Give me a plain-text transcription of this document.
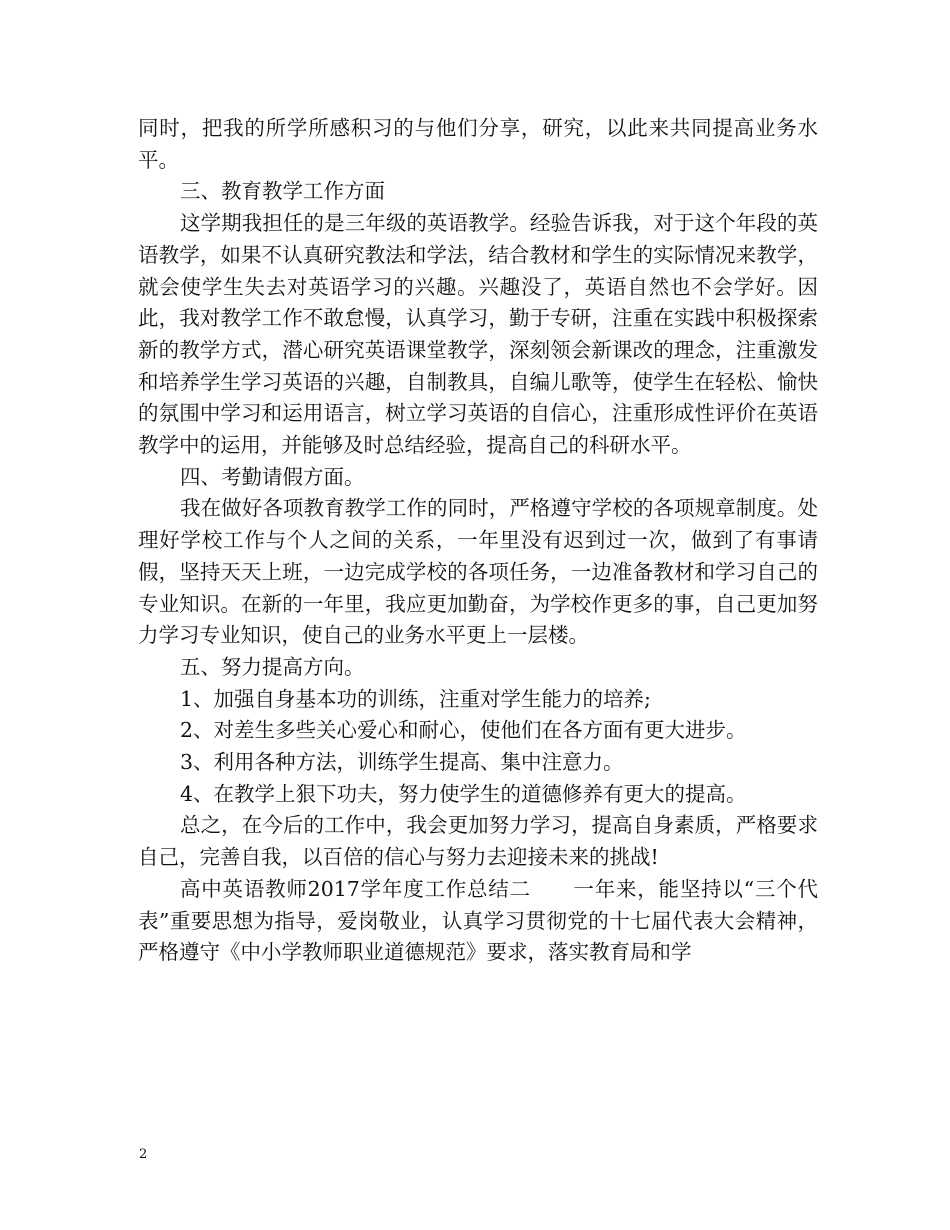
同时，把我的所学所感积习的与他们分享，研究，以此来共同提高业务水平。

三、教育教学工作方面

这学期我担任的是三年级的英语教学。经验告诉我，对于这个年段的英语教学，如果不认真研究教法和学法，结合教材和学生的实际情况来教学，就会使学生失去对英语学习的兴趣。兴趣没了，英语自然也不会学好。因此，我对教学工作不敢怠慢，认真学习，勤于专研，注重在实践中积极探索新的教学方式，潜心研究英语课堂教学，深刻领会新课改的理念，注重激发和培养学生学习英语的兴趣，自制教具，自编儿歌等，使学生在轻松、愉快的氛围中学习和运用语言，树立学习英语的自信心，注重形成性评价在英语教学中的运用，并能够及时总结经验，提高自己的科研水平。

四、考勤请假方面。

我在做好各项教育教学工作的同时，严格遵守学校的各项规章制度。处理好学校工作与个人之间的关系，一年里没有迟到过一次，做到了有事请假，坚持天天上班，一边完成学校的各项任务，一边准备教材和学习自己的专业知识。在新的一年里，我应更加勤奋，为学校作更多的事，自己更加努力学习专业知识，使自己的业务水平更上一层楼。

五、努力提高方向。

1、加强自身基本功的训练，注重对学生能力的培养;

2、对差生多些关心爱心和耐心，使他们在各方面有更大进步。

3、利用各种方法，训练学生提高、集中注意力。

4、在教学上狠下功夫，努力使学生的道德修养有更大的提高。

总之，在今后的工作中，我会更加努力学习，提高自身素质，严格要求自己，完善自我，以百倍的信心与努力去迎接未来的挑战!

高中英语教师2017学年度工作总结二　　一年来，能坚持以“三个代表”重要思想为指导，爱岗敬业，认真学习贯彻党的十七届代表大会精神，严格遵守《中小学教师职业道德规范》要求，落实教育局和学

2
